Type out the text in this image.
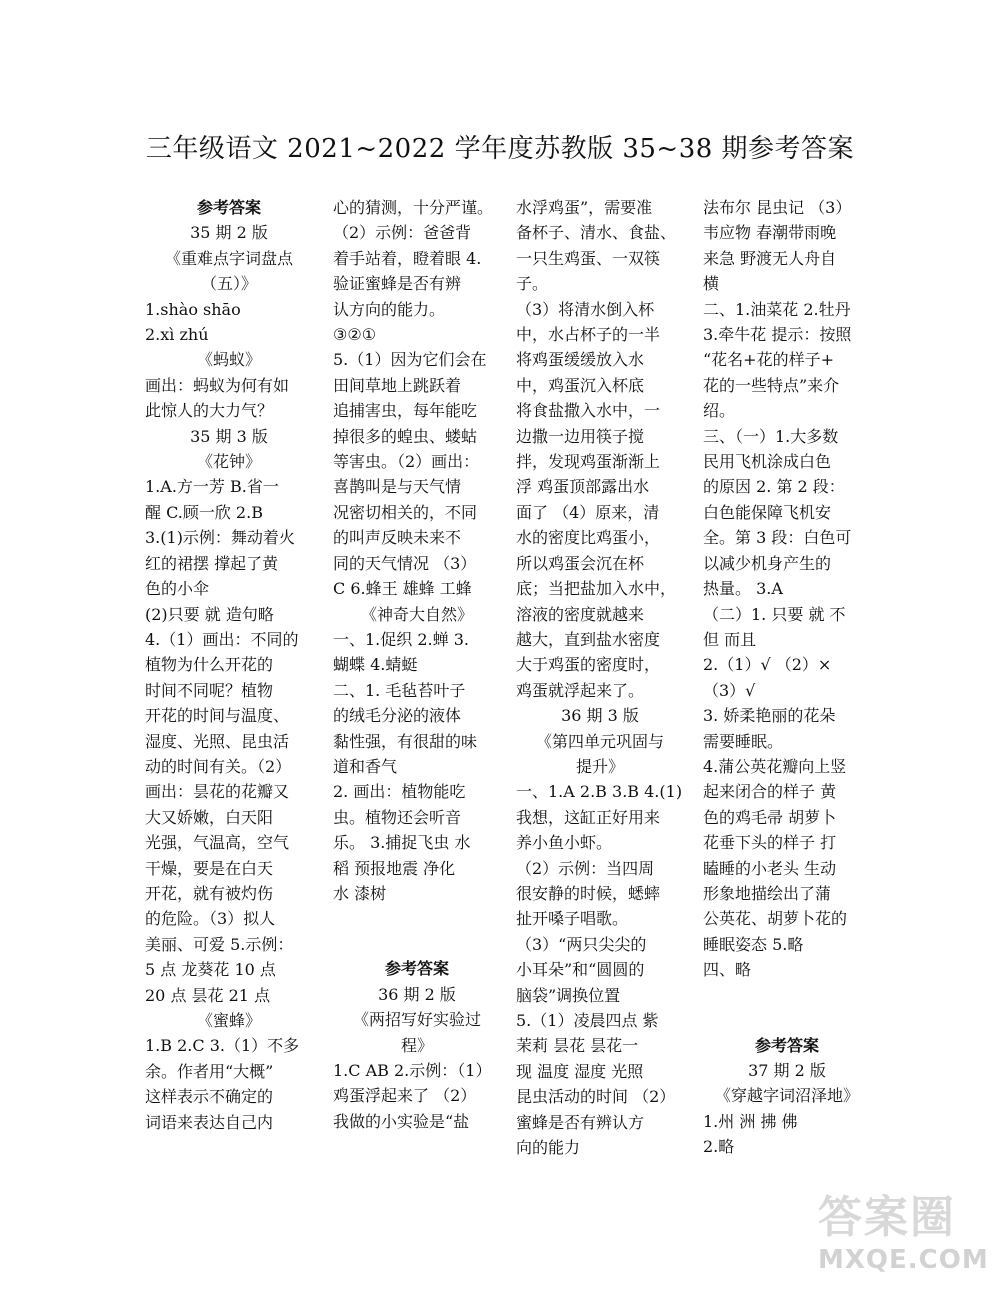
三年级语文 2021~2022 学年度苏教版 35~38 期参考答案
参考答案
35 期 2 版
《重难点字词盘点
（五）》
1.shào shāo
2.xì zhú
《蚂蚁》
画出：蚂蚁为何有如
此惊人的大力气？
35 期 3 版
《花钟》
1.A.方一芳 B.省一
醒 C.顾一欣 2.B
3.(1)示例：舞动着火
红的裙摆 撑起了黄
色的小伞
(2)只要 就 造句略
4.（1）画出：不同的
植物为什么开花的
时间不同呢？植物
开花的时间与温度、
湿度、光照、昆虫活
动的时间有关。（2）
画出：昙花的花瓣又
大又娇嫩，白天阳
光强，气温高，空气
干燥，要是在白天
开花，就有被灼伤
的危险。（3）拟人
美丽、可爱 5.示例：
5 点 龙葵花 10 点
20 点 昙花 21 点
《蜜蜂》
1.B 2.C 3.（1）不多
余。作者用“大概”
这样表示不确定的
词语来表达自己内
心的猜测，十分严谨。
（2）示例：爸爸背
着手站着，瞪着眼 4.
验证蜜蜂是否有辨
认方向的能力。
③②①
5.（1）因为它们会在
田间草地上跳跃着
追捕害虫，每年能吃
掉很多的蝗虫、蝼蛄
等害虫。（2）画出：
喜鹊叫是与天气情
况密切相关的，不同
的叫声反映未来不
同的天气情况 （3）
C 6.蜂王 雄蜂 工蜂
《神奇大自然》
一、1.促织 2.蝉 3.
蝴蝶 4.蜻蜓
二、1. 毛毡苔叶子
的绒毛分泌的液体
黏性强，有很甜的味
道和香气
2. 画出：植物能吃
虫。植物还会听音
乐。 3.捕捉飞虫 水
稻 预报地震 净化
水 漆树
参考答案
36 期 2 版
《两招写好实验过
程》
1.C AB 2.示例：（1）
鸡蛋浮起来了 （2）
我做的小实验是“盐
水浮鸡蛋”，需要准
备杯子、清水、食盐、
一只生鸡蛋、一双筷
子。
（3）将清水倒入杯
中，水占杯子的一半
将鸡蛋缓缓放入水
中，鸡蛋沉入杯底
将食盐撒入水中，一
边撒一边用筷子搅
拌，发现鸡蛋渐渐上
浮 鸡蛋顶部露出水
面了 （4）原来，清
水的密度比鸡蛋小，
所以鸡蛋会沉在杯
底；当把盐加入水中，
溶液的密度就越来
越大，直到盐水密度
大于鸡蛋的密度时，
鸡蛋就浮起来了。
36 期 3 版
《第四单元巩固与
提升》
一、1.A 2.B 3.B 4.(1)
我想，这缸正好用来
养小鱼小虾。
（2）示例：当四周
很安静的时候，蟋蟀
扯开嗓子唱歌。
（3）“两只尖尖的
小耳朵”和“圆圆的
脑袋”调换位置
5.（1）凌晨四点 紫
茉莉 昙花 昙花一
现 温度 湿度 光照
昆虫活动的时间 （2）
蜜蜂是否有辨认方
向的能力
法布尔 昆虫记 （3）
韦应物 春潮带雨晚
来急 野渡无人舟自
横
二、1.油菜花 2.牡丹
3.牵牛花 提示：按照
“花名+花的样子+
花的一些特点”来介
绍。
三、（一）1.大多数
民用飞机涂成白色
的原因 2. 第 2 段：
白色能保障飞机安
全。第 3 段：白色可
以减少机身产生的
热量。 3.A
（二）1. 只要 就 不
但 而且
2.（1）√ （2）×
（3）√
3. 娇柔艳丽的花朵
需要睡眠。
4.蒲公英花瓣向上竖
起来闭合的样子 黄
色的鸡毛帚 胡萝卜
花垂下头的样子 打
瞌睡的小老头 生动
形象地描绘出了蒲
公英花、胡萝卜花的
睡眠姿态 5.略
四、略
参考答案
37 期 2 版
《穿越字词沼泽地》
1.州 洲 拂 佛
2.略
答案圈
MXQE.COM
